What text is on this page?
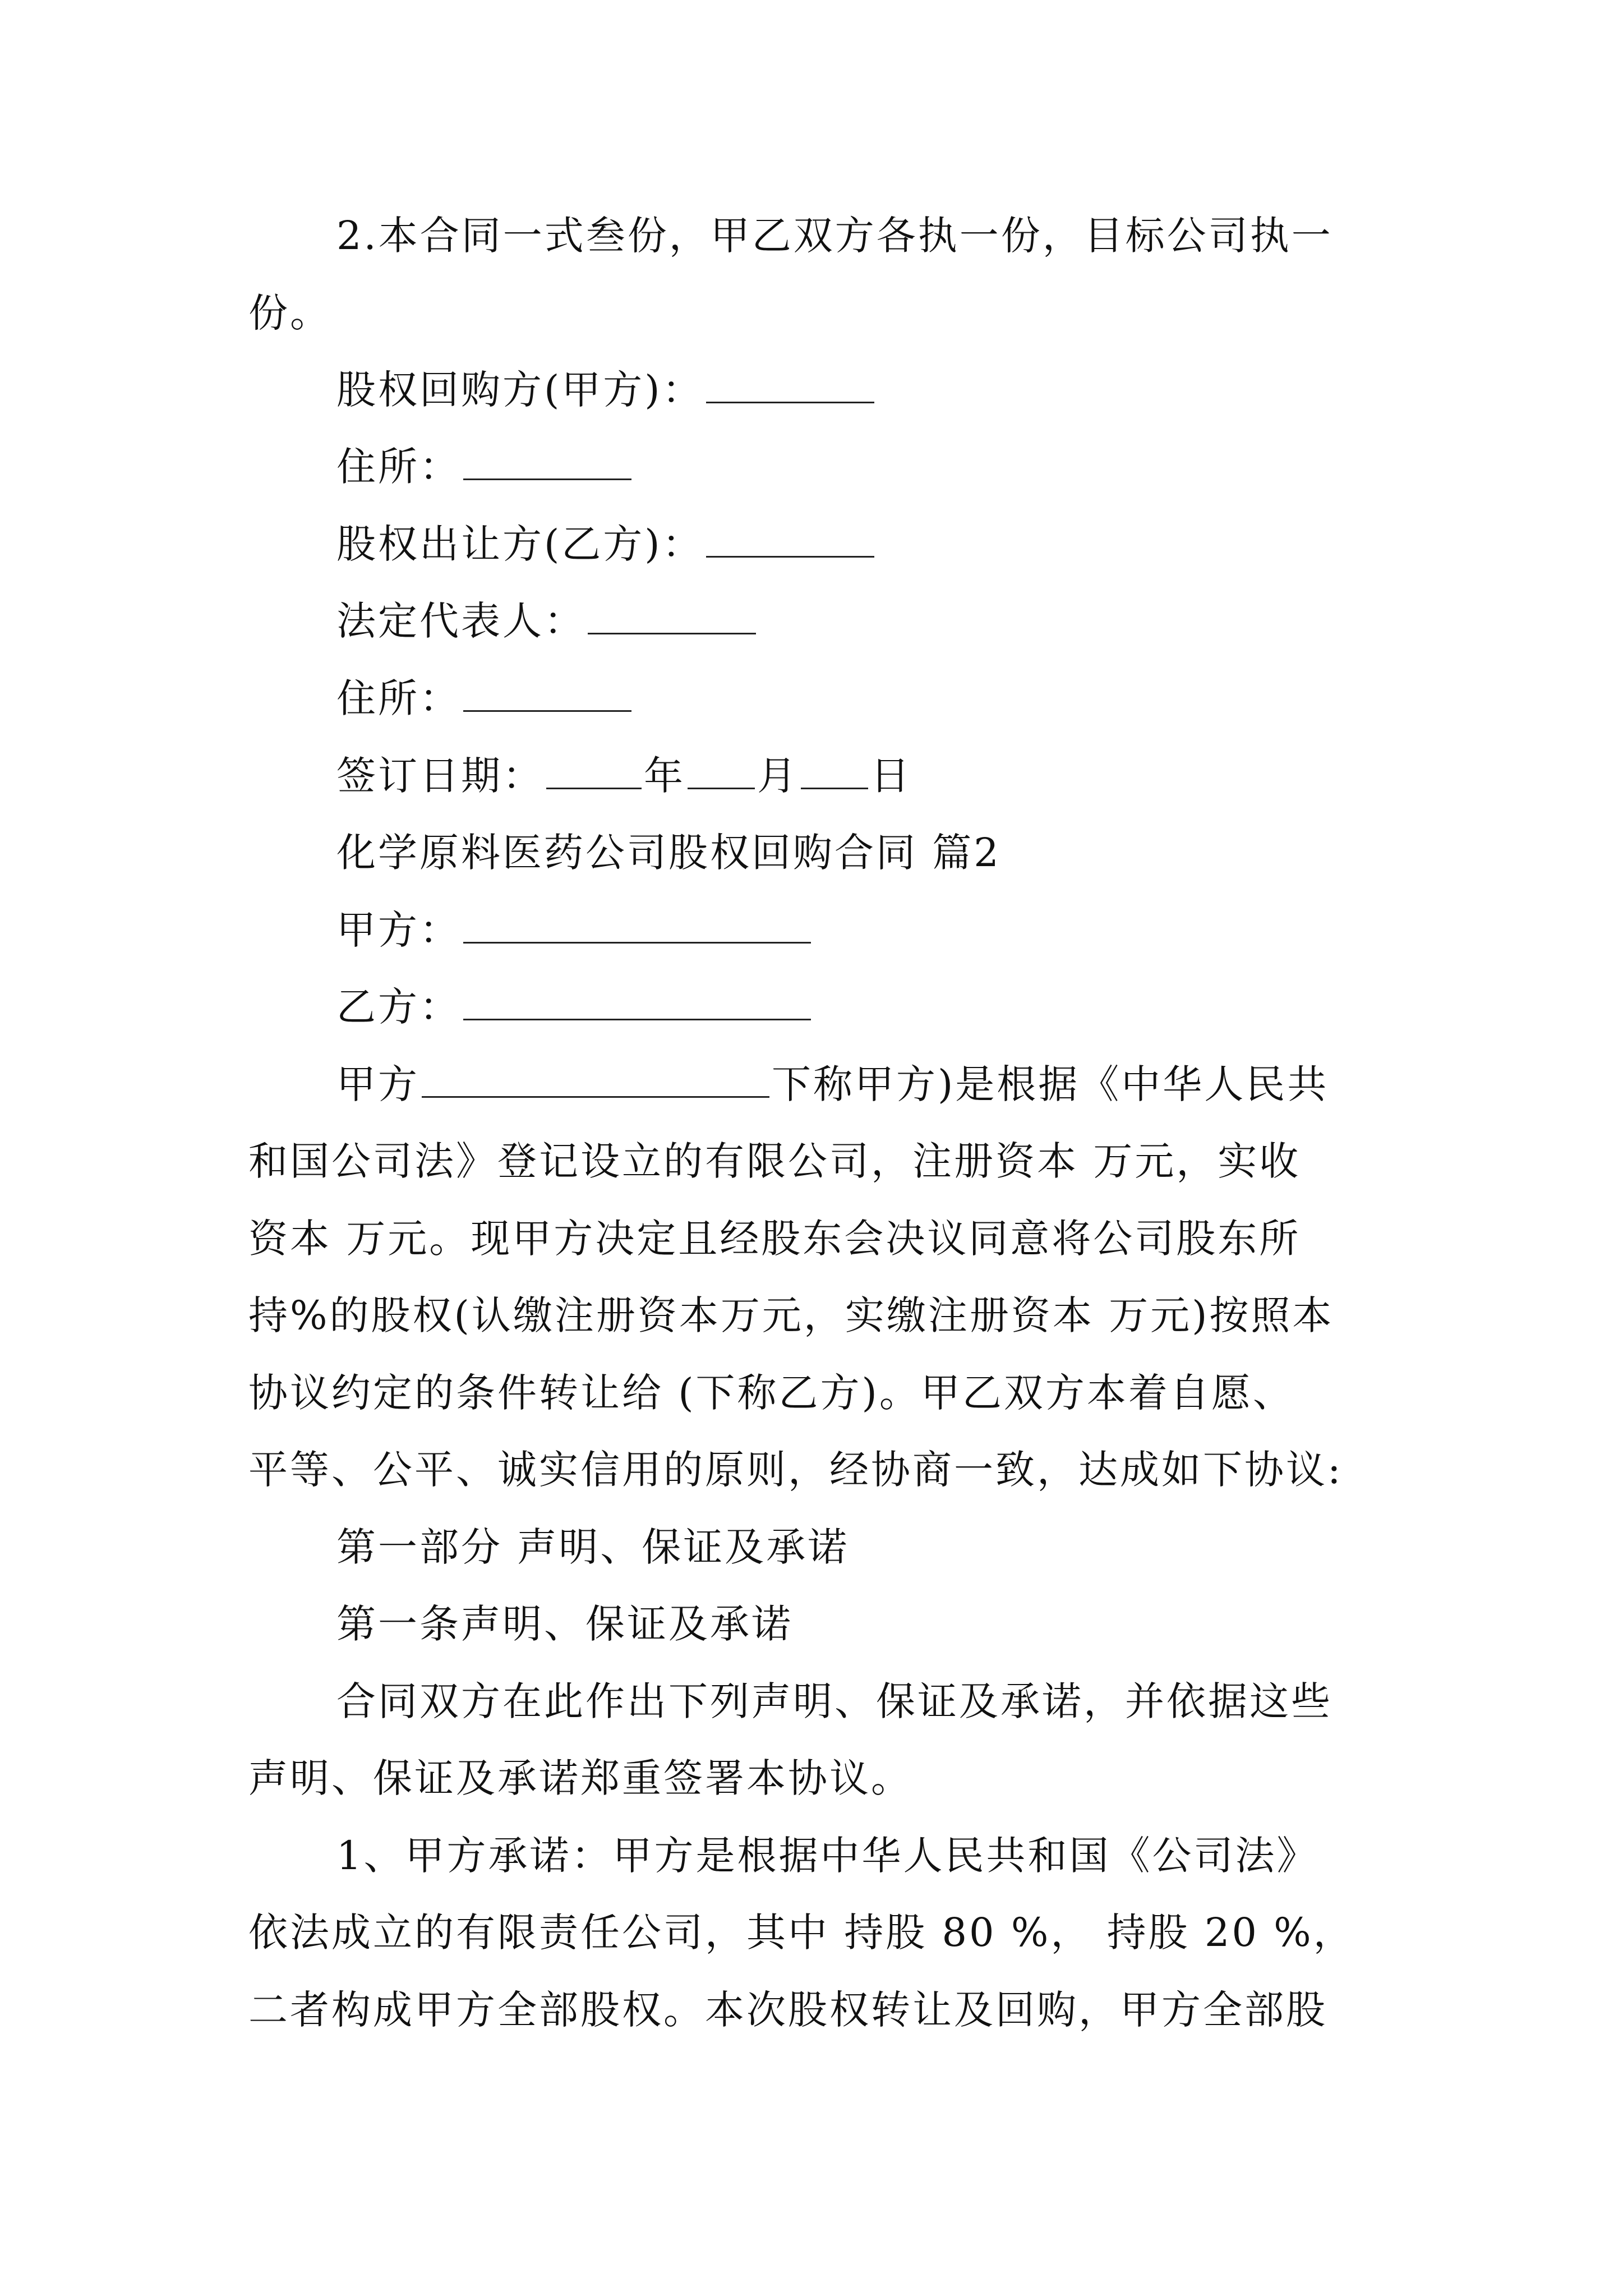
2.本合同一式叁份，甲乙双方各执一份，目标公司执一
份。
股权回购方(甲方)：
住所：
股权出让方(乙方)：
法定代表人：
住所：
签订日期：	年 月 日
化学原料医药公司股权回购合同 篇2
甲方：
乙方：
甲方	下称甲方)是根据《中华人民共
和国公司法》登记设立的有限公司，注册资本 万元，实收
资本 万元。现甲方决定且经股东会决议同意将公司股东所
持%的股权(认缴注册资本万元，实缴注册资本 万元)按照本
协议约定的条件转让给 (下称乙方)。甲乙双方本着自愿、
平等、公平、诚实信用的原则，经协商一致，达成如下协议:
第一部分 声明、保证及承诺
第一条声明、保证及承诺
合同双方在此作出下列声明、保证及承诺，并依据这些
声明、保证及承诺郑重签署本协议。
1、甲方承诺：甲方是根据中华人民共和国《公司法》
依法成立的有限责任公司，其中 持股 80 %， 持股 20 %，
二者构成甲方全部股权。本次股权转让及回购，甲方全部股
